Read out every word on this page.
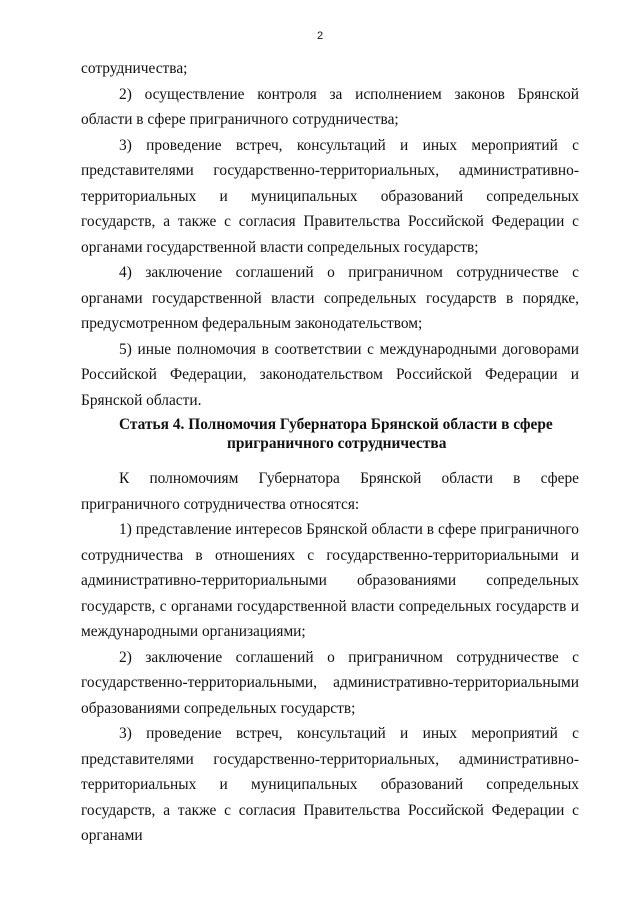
2

сотрудничества;

2) осуществление контроля за исполнением законов Брянской области в сфере приграничного сотрудничества;

3) проведение встреч, консультаций и иных мероприятий с представителями государственно-территориальных, административно-территориальных и муниципальных образований сопредельных государств, а также с согласия Правительства Российской Федерации с органами государственной власти сопредельных государств;

4) заключение соглашений о приграничном сотрудничестве с органами государственной власти сопредельных государств в порядке, предусмотренном федеральным законодательством;

5) иные полномочия в соответствии с международными договорами Российской Федерации, законодательством Российской Федерации и Брянской области.

Статья 4. Полномочия Губернатора Брянской области в сфере
приграничного сотрудничества

К полномочиям Губернатора Брянской области в сфере приграничного сотрудничества относятся:

1) представление интересов Брянской области в сфере приграничного сотрудничества в отношениях с государственно-территориальными и административно-территориальными образованиями сопредельных государств, с органами государственной власти сопредельных государств и международными организациями;

2) заключение соглашений о приграничном сотрудничестве с государственно-территориальными, административно-территориальными образованиями сопредельных государств;

3) проведение встреч, консультаций и иных мероприятий с представителями государственно-территориальных, административно-территориальных и муниципальных образований сопредельных государств, а также с согласия Правительства Российской Федерации с органами
